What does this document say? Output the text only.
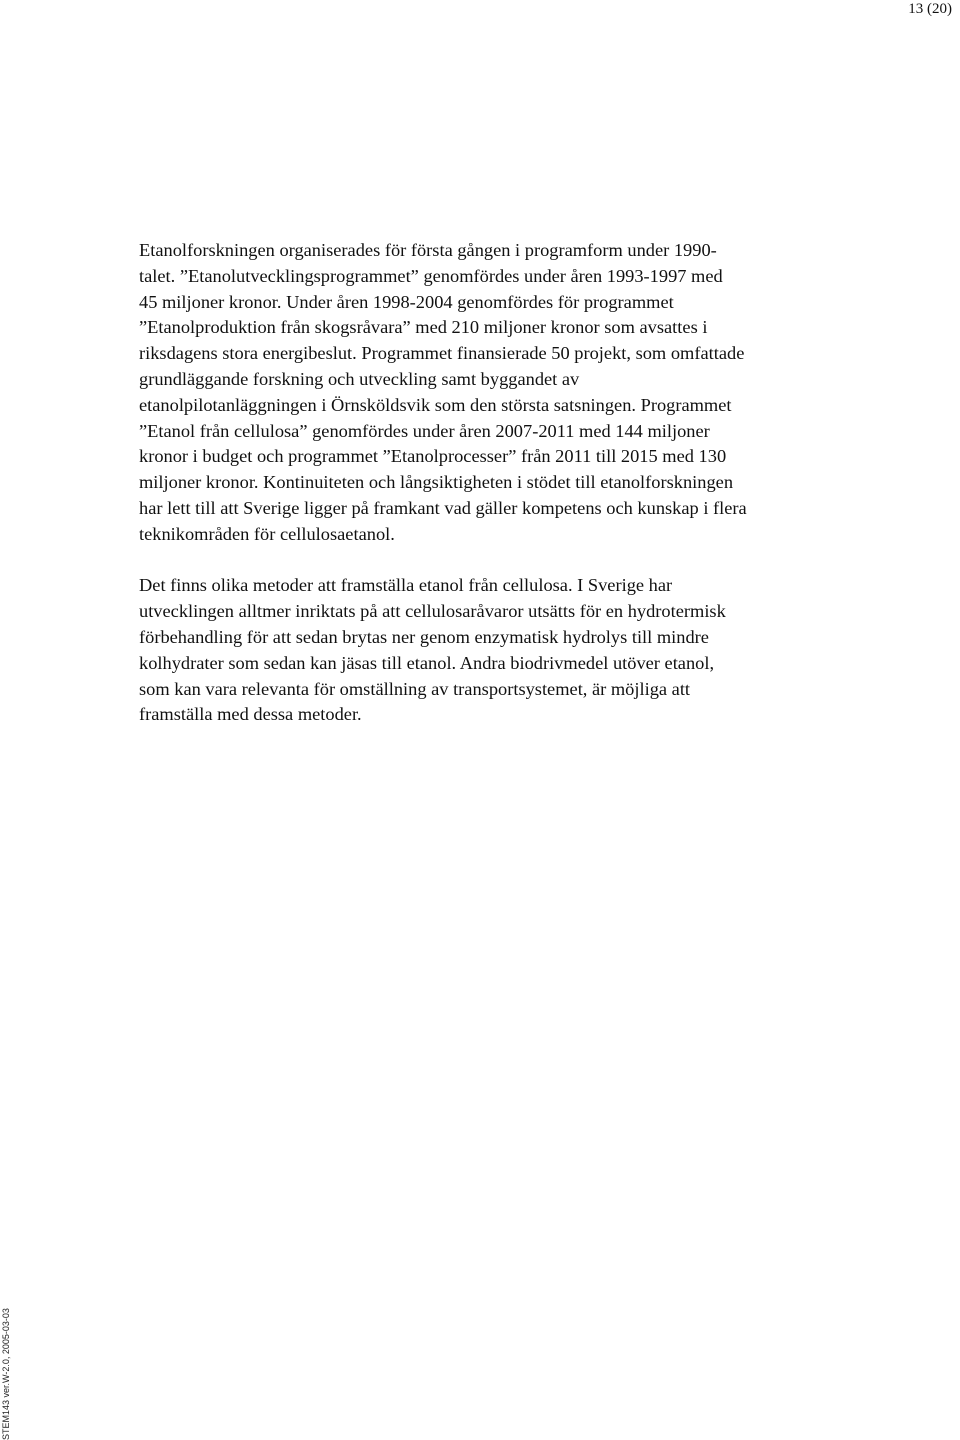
13 (20)

Etanolforskningen organiserades för första gången i programform under 1990-
talet. ”Etanolutvecklingsprogrammet” genomfördes under åren 1993-1997 med
45 miljoner kronor. Under åren 1998-2004 genomfördes för programmet
”Etanolproduktion från skogsråvara” med 210 miljoner kronor som avsattes i
riksdagens stora energibeslut. Programmet finansierade 50 projekt, som omfattade
grundläggande forskning och utveckling samt byggandet av
etanolpilotanläggningen i Örnsköldsvik som den största satsningen. Programmet
”Etanol från cellulosa” genomfördes under åren 2007-2011 med 144 miljoner
kronor i budget och programmet ”Etanolprocesser” från 2011 till 2015 med 130
miljoner kronor. Kontinuiteten och långsiktigheten i stödet till etanolforskningen
har lett till att Sverige ligger på framkant vad gäller kompetens och kunskap i flera
teknikområden för cellulosaetanol.

Det finns olika metoder att framställa etanol från cellulosa. I Sverige har
utvecklingen alltmer inriktats på att cellulosaråvaror utsätts för en hydrotermisk
förbehandling för att sedan brytas ner genom enzymatisk hydrolys till mindre
kolhydrater som sedan kan jäsas till etanol. Andra biodrivmedel utöver etanol,
som kan vara relevanta för omställning av transportsystemet, är möjliga att
framställa med dessa metoder.

STEM143 ver.W-2.0, 2005-03-03
